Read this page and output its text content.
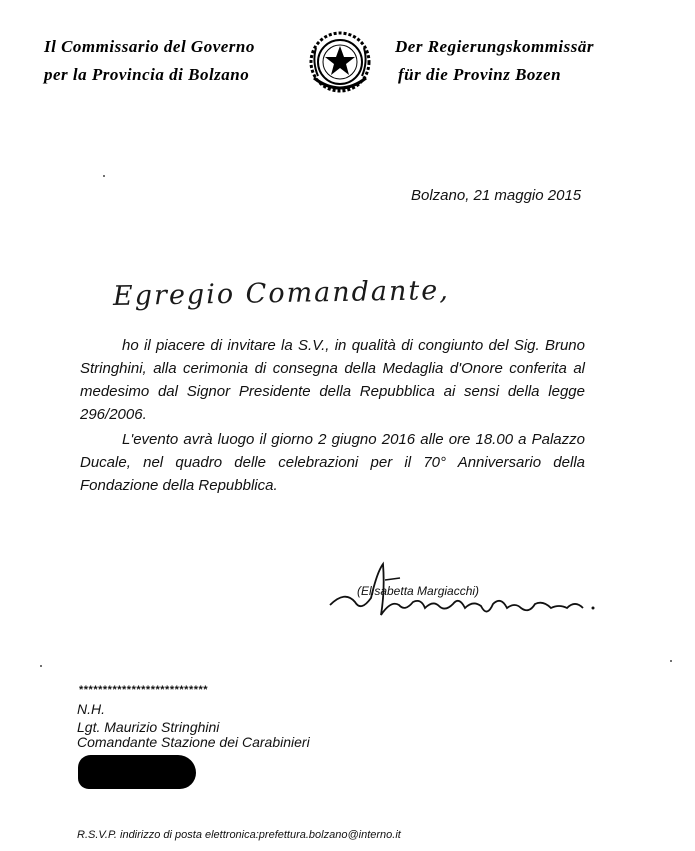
Il Commissario del Governo
per la Provincia di Bolzano
Der Regierungskommissär
für die Provinz Bozen
Bolzano, 21 maggio 2015
Egregio Comandante,
ho il piacere di invitare la S.V., in qualità di congiunto del Sig. Bruno Stringhini, alla cerimonia di consegna della Medaglia d'Onore conferita al medesimo dal Signor Presidente della Repubblica ai sensi della legge 296/2006.
L'evento avrà luogo il giorno 2 giugno 2016 alle ore 18.00 a Palazzo Ducale, nel quadro delle celebrazioni per il 70° Anniversario della Fondazione della Repubblica.
(Elisabetta Margiacchi)
***************************
N.H.
Lgt. Maurizio Stringhini
Comandante Stazione dei Carabinieri
R.S.V.P. indirizzo di posta elettronica:prefettura.bolzano@interno.it
